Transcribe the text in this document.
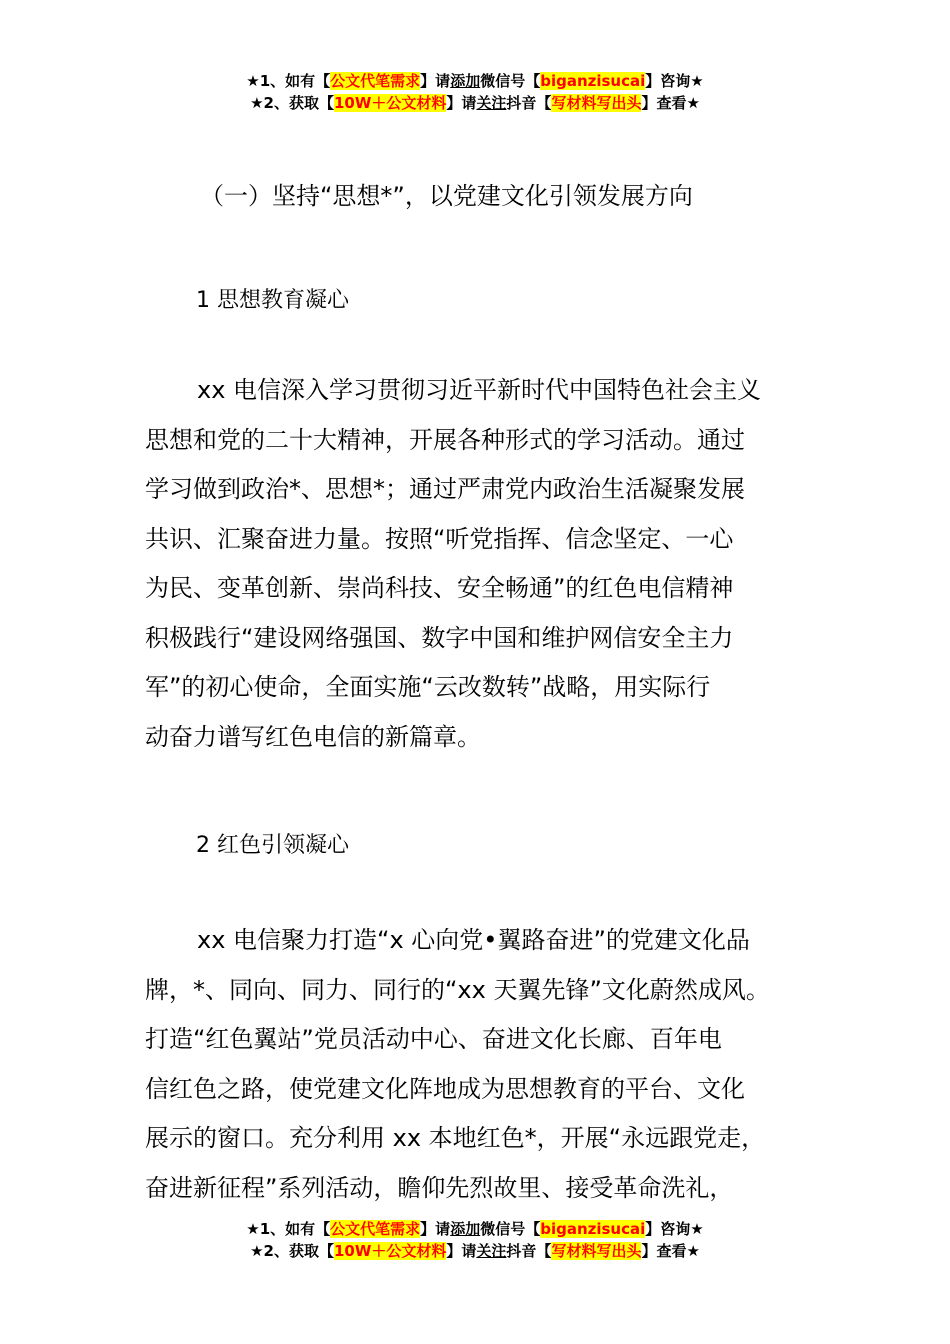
★1、如有【公文代笔需求】请添加微信号【biganzisucai】咨询★
★2、获取【10W＋公文材料】请关注抖音【写材料写出头】查看★
（一）坚持“思想*”，以党建文化引领发展方向
1 思想教育凝心
xx 电信深入学习贯彻习近平新时代中国特色社会主义
思想和党的二十大精神，开展各种形式的学习活动。通过
学习做到政治*、思想*；通过严肃党内政治生活凝聚发展
共识、汇聚奋进力量。按照“听党指挥、信念坚定、一心
为民、变革创新、崇尚科技、安全畅通”的红色电信精神
积极践行“建设网络强国、数字中国和维护网信安全主力
军”的初心使命，全面实施“云改数转”战略，用实际行
动奋力谱写红色电信的新篇章。
2 红色引领凝心
xx 电信聚力打造“x 心向党•翼路奋进”的党建文化品
牌，*、同向、同力、同行的“xx 天翼先锋”文化蔚然成风。
打造“红色翼站”党员活动中心、奋进文化长廊、百年电
信红色之路，使党建文化阵地成为思想教育的平台、文化
展示的窗口。充分利用 xx 本地红色*，开展“永远跟党走，
奋进新征程”系列活动，瞻仰先烈故里、接受革命洗礼，
★1、如有【公文代笔需求】请添加微信号【biganzisucai】咨询★
★2、获取【10W＋公文材料】请关注抖音【写材料写出头】查看★
